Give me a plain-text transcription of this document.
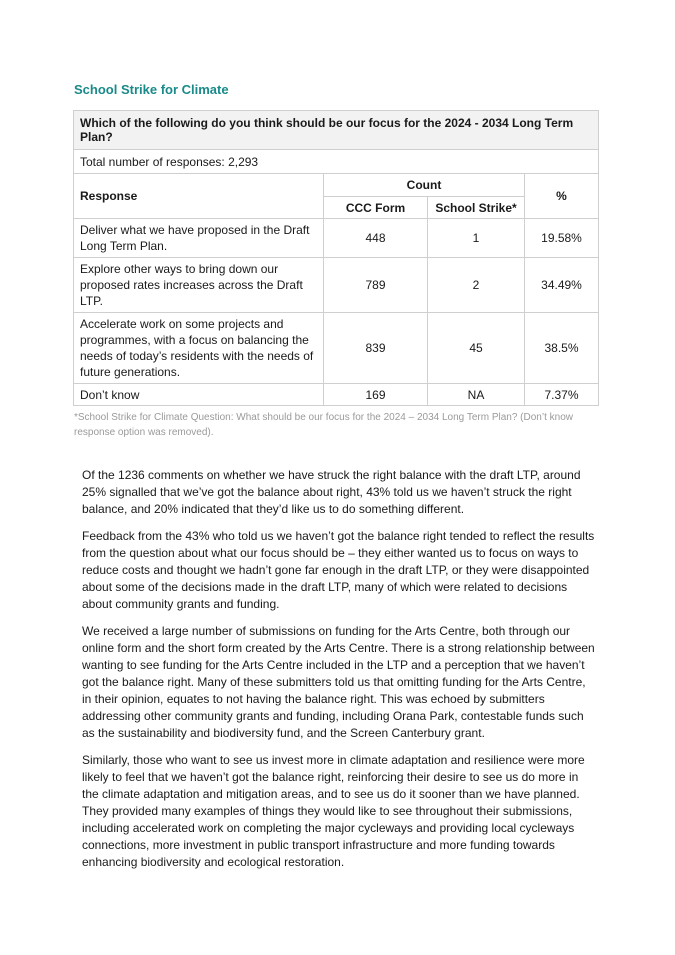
School Strike for Climate
Which of the following do you think should be our focus for the 2024 - 2034 Long Term Plan?			
Total number of responses: 2,293			
Response	Count		%
	CCC Form	School Strike*	
Deliver what we have proposed in the Draft Long Term Plan.	448	1	19.58%
Explore other ways to bring down our proposed rates increases across the Draft LTP.	789	2	34.49%
Accelerate work on some projects and programmes, with a focus on balancing the needs of today’s residents with the needs of future generations.	839	45	38.5%
Don’t know	169	NA	7.37%

*School Strike for Climate Question: What should be our focus for the 2024 – 2034 Long Term Plan? (Don’t know response option was removed).

Of the 1236 comments on whether we have struck the right balance with the draft LTP, around 25% signalled that we’ve got the balance about right, 43% told us we haven’t struck the right balance, and 20% indicated that they’d like us to do something different.

Feedback from the 43% who told us we haven’t got the balance right tended to reflect the results from the question about what our focus should be – they either wanted us to focus on ways to reduce costs and thought we hadn’t gone far enough in the draft LTP, or they were disappointed about some of the decisions made in the draft LTP, many of which were related to decisions about community grants and funding.

We received a large number of submissions on funding for the Arts Centre, both through our online form and the short form created by the Arts Centre. There is a strong relationship between wanting to see funding for the Arts Centre included in the LTP and a perception that we haven’t got the balance right. Many of these submitters told us that omitting funding for the Arts Centre, in their opinion, equates to not having the balance right. This was echoed by submitters addressing other community grants and funding, including Orana Park, contestable funds such as the sustainability and biodiversity fund, and the Screen Canterbury grant.

Similarly, those who want to see us invest more in climate adaptation and resilience were more likely to feel that we haven’t got the balance right, reinforcing their desire to see us do more in the climate adaptation and mitigation areas, and to see us do it sooner than we have planned. They provided many examples of things they would like to see throughout their submissions, including accelerated work on completing the major cycleways and providing local cycleways connections, more investment in public transport infrastructure and more funding towards enhancing biodiversity and ecological restoration.
